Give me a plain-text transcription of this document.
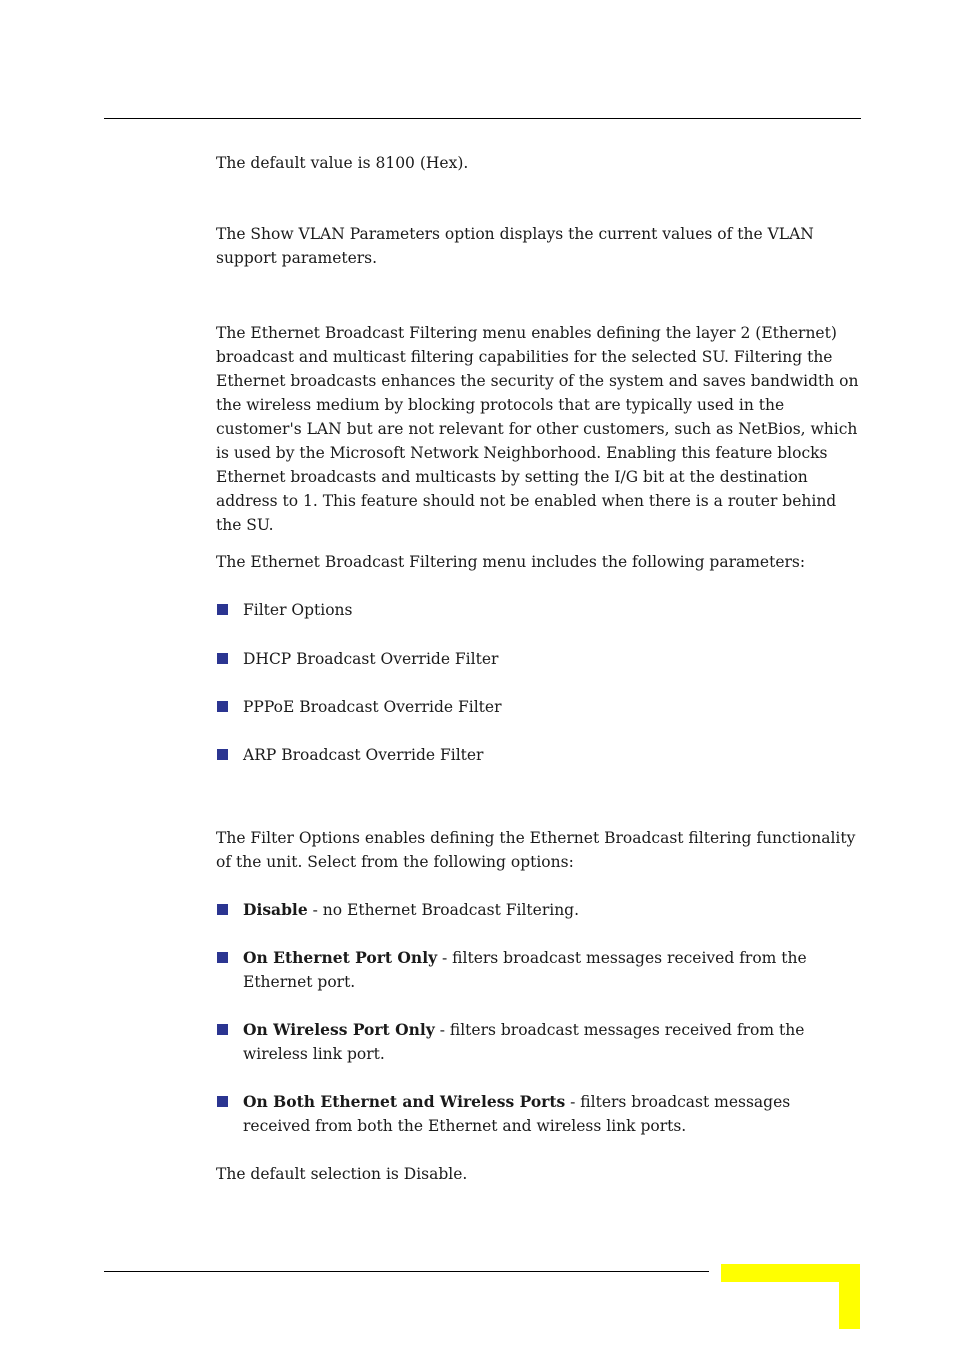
The default value is 8100 (Hex).

The Show VLAN Parameters option displays the current values of the VLAN support parameters.

The Ethernet Broadcast Filtering menu enables defining the layer 2 (Ethernet) broadcast and multicast filtering capabilities for the selected SU. Filtering the Ethernet broadcasts enhances the security of the system and saves bandwidth on the wireless medium by blocking protocols that are typically used in the customer's LAN but are not relevant for other customers, such as NetBios, which is used by the Microsoft Network Neighborhood. Enabling this feature blocks Ethernet broadcasts and multicasts by setting the I/G bit at the destination address to 1. This feature should not be enabled when there is a router behind the SU.

The Ethernet Broadcast Filtering menu includes the following parameters:

Filter Options
DHCP Broadcast Override Filter
PPPoE Broadcast Override Filter
ARP Broadcast Override Filter

The Filter Options enables defining the Ethernet Broadcast filtering functionality of the unit. Select from the following options:

Disable - no Ethernet Broadcast Filtering.
On Ethernet Port Only - filters broadcast messages received from the Ethernet port.
On Wireless Port Only - filters broadcast messages received from the wireless link port.
On Both Ethernet and Wireless Ports - filters broadcast messages received from both the Ethernet and wireless link ports.

The default selection is Disable.
